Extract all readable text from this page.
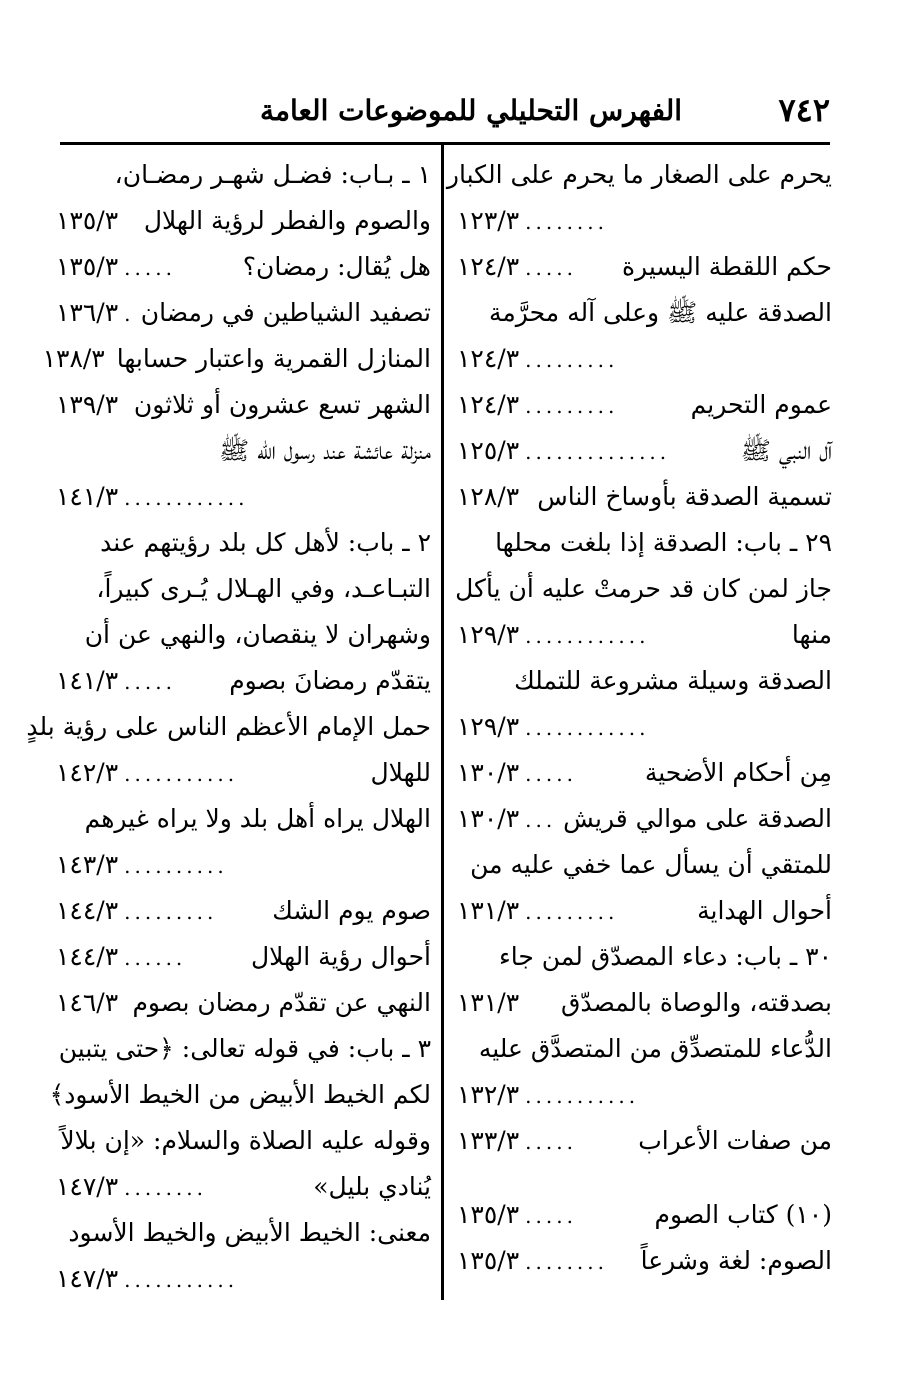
٧٤٢
الفهرس التحليلي للموضوعات العامة
يحرم على الصغار ما يحرم على الكبار
........
١٢٣/٣
حكم اللقطة اليسيرة
.....
١٢٤/٣
الصدقة عليه ﷺ وعلى آله محرَّمة
.........
١٢٤/٣
عموم التحريم
.........
١٢٤/٣
آل النبي ﷺ
..............
١٢٥/٣
تسمية الصدقة بأوساخ الناس
١٢٨/٣
٢٩ ـ باب: الصدقة إذا بلغت محلها
جاز لمن كان قد حرمتْ عليه أن يأكل
منها
............
١٢٩/٣
الصدقة وسيلة مشروعة للتملك
............
١٢٩/٣
مِن أحكام الأضحية
.....
١٣٠/٣
الصدقة على موالي قريش
...
١٣٠/٣
للمتقي أن يسأل عما خفي عليه من
أحوال الهداية
.........
١٣١/٣
٣٠ ـ باب: دعاء المصدّق لمن جاء
بصدقته، والوصاة بالمصدّق
١٣١/٣
الدُّعاء للمتصدِّق من المتصدَّق عليه
...........
١٣٢/٣
من صفات الأعراب
.....
١٣٣/٣
(١٠) كتاب الصوم
.....
١٣٥/٣
الصوم: لغة وشرعاً
........
١٣٥/٣
١ ـ بـاب: فضـل شهـر رمضـان،
والصوم والفطر لرؤية الهلال
١٣٥/٣
هل يُقال: رمضان؟
.....
١٣٥/٣
تصفيد الشياطين في رمضان
.
١٣٦/٣
المنازل القمرية واعتبار حسابها
١٣٨/٣
الشهر تسع عشرون أو ثلاثون
١٣٩/٣
منزلة عائشة عند رسول الله ﷺ
............
١٤١/٣
٢ ـ باب: لأهل كل بلد رؤيتهم عند
التبـاعـد، وفي الهـلال يُـرى كبيراً،
وشهران لا ينقصان، والنهي عن أن
يتقدّم رمضانَ بصوم
.....
١٤١/٣
حمل الإمام الأعظم الناس على رؤية بلدٍ
للهلال
...........
١٤٢/٣
الهلال يراه أهل بلد ولا يراه غيرهم
..........
١٤٣/٣
صوم يوم الشك
.........
١٤٤/٣
أحوال رؤية الهلال
......
١٤٤/٣
النهي عن تقدّم رمضان بصوم
١٤٦/٣
٣ ـ باب: في قوله تعالى: ﴿حتى يتبين
لكم الخيط الأبيض من الخيط الأسود﴾
وقوله عليه الصلاة والسلام: «إن بلالاً
يُنادي بليل»
........
١٤٧/٣
معنى: الخيط الأبيض والخيط الأسود
...........
١٤٧/٣
